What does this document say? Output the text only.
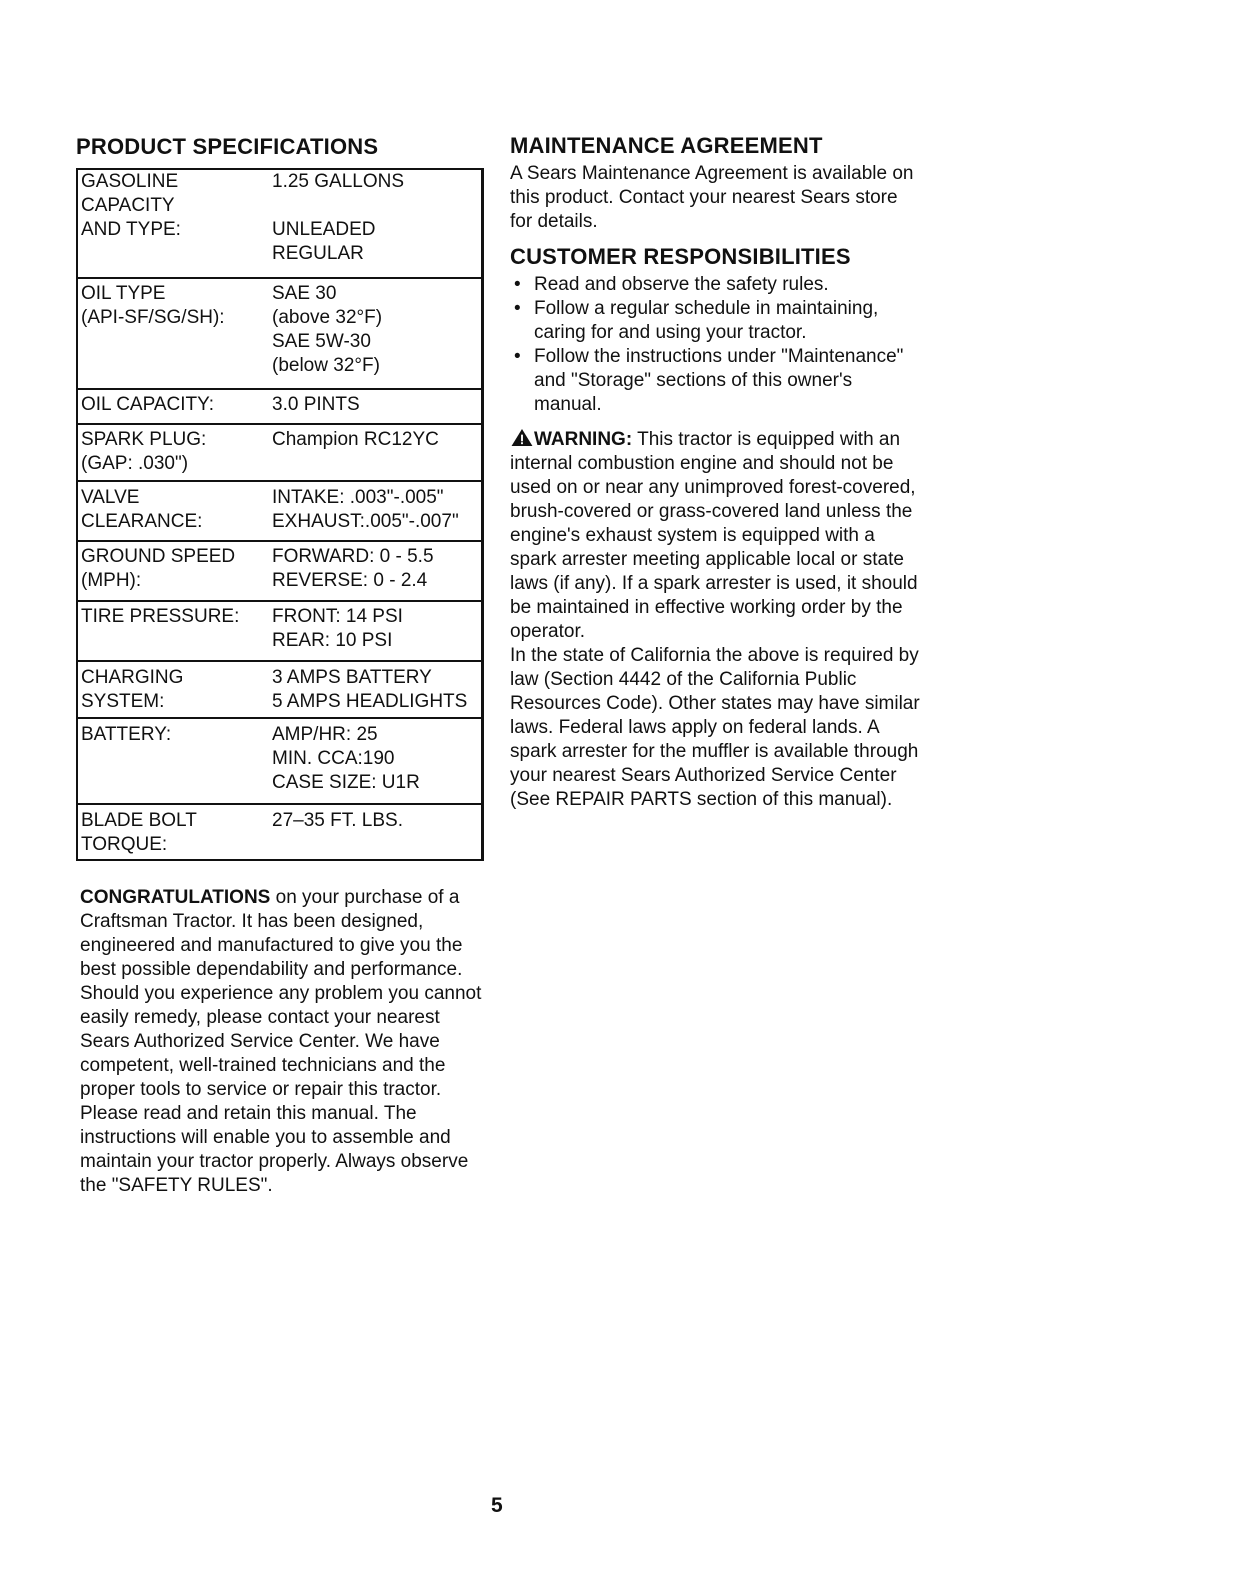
PRODUCT SPECIFICATIONS
GASOLINE
CAPACITY
AND TYPE:
1.25 GALLONS

UNLEADED
REGULAR
OIL TYPE
(API-SF/SG/SH):
SAE 30
(above 32°F)
SAE 5W-30
(below 32°F)
OIL CAPACITY:	3.0 PINTS
SPARK PLUG:
(GAP: .030")
Champion RC12YC
VALVE
CLEARANCE:
INTAKE: .003"-.005"
EXHAUST:.005"-.007"
GROUND SPEED
(MPH):
FORWARD: 0 - 5.5
REVERSE: 0 - 2.4
TIRE PRESSURE: FRONT: 14 PSI
REAR: 10 PSI
CHARGING
SYSTEM:
3 AMPS BATTERY
5 AMPS HEADLIGHTS
BATTERY:	AMP/HR: 25
MIN. CCA:190
CASE SIZE: U1R
BLADE BOLT
TORQUE:
27–35 FT. LBS.
CONGRATULATIONS on your purchase of a Craftsman Tractor. It has been designed, engineered and manufactured to give you the best possible dependability and performance.
Should you experience any problem you cannot easily remedy, please contact your nearest Sears Authorized Service Center. We have competent, well-trained technicians and the proper tools to service or repair this tractor.
Please read and retain this manual. The instructions will enable you to assemble and maintain your tractor properly. Always observe the "SAFETY RULES".
MAINTENANCE AGREEMENT

A Sears Maintenance Agreement is available on this product. Contact your nearest Sears store for details.

CUSTOMER RESPONSIBILITIES
• Read and observe the safety rules.
• Follow a regular schedule in maintaining, caring for and using your tractor.
• Follow the instructions under "Maintenance" and "Storage" sections of this owner's manual.
WARNING: This tractor is equipped with an internal combustion engine and should not be used on or near any unimproved forest-covered, brush-covered or grass-covered land unless the engine's exhaust system is equipped with a spark arrester meeting applicable local or state laws (if any). If a spark arrester is used, it should be maintained in effective working order by the operator.
In the state of California the above is required by law (Section 4442 of the California Public Resources Code). Other states may have similar laws. Federal laws apply on federal lands. A spark arrester for the muffler is available through your nearest Sears Authorized Service Center (See REPAIR PARTS section of this manual).
5
